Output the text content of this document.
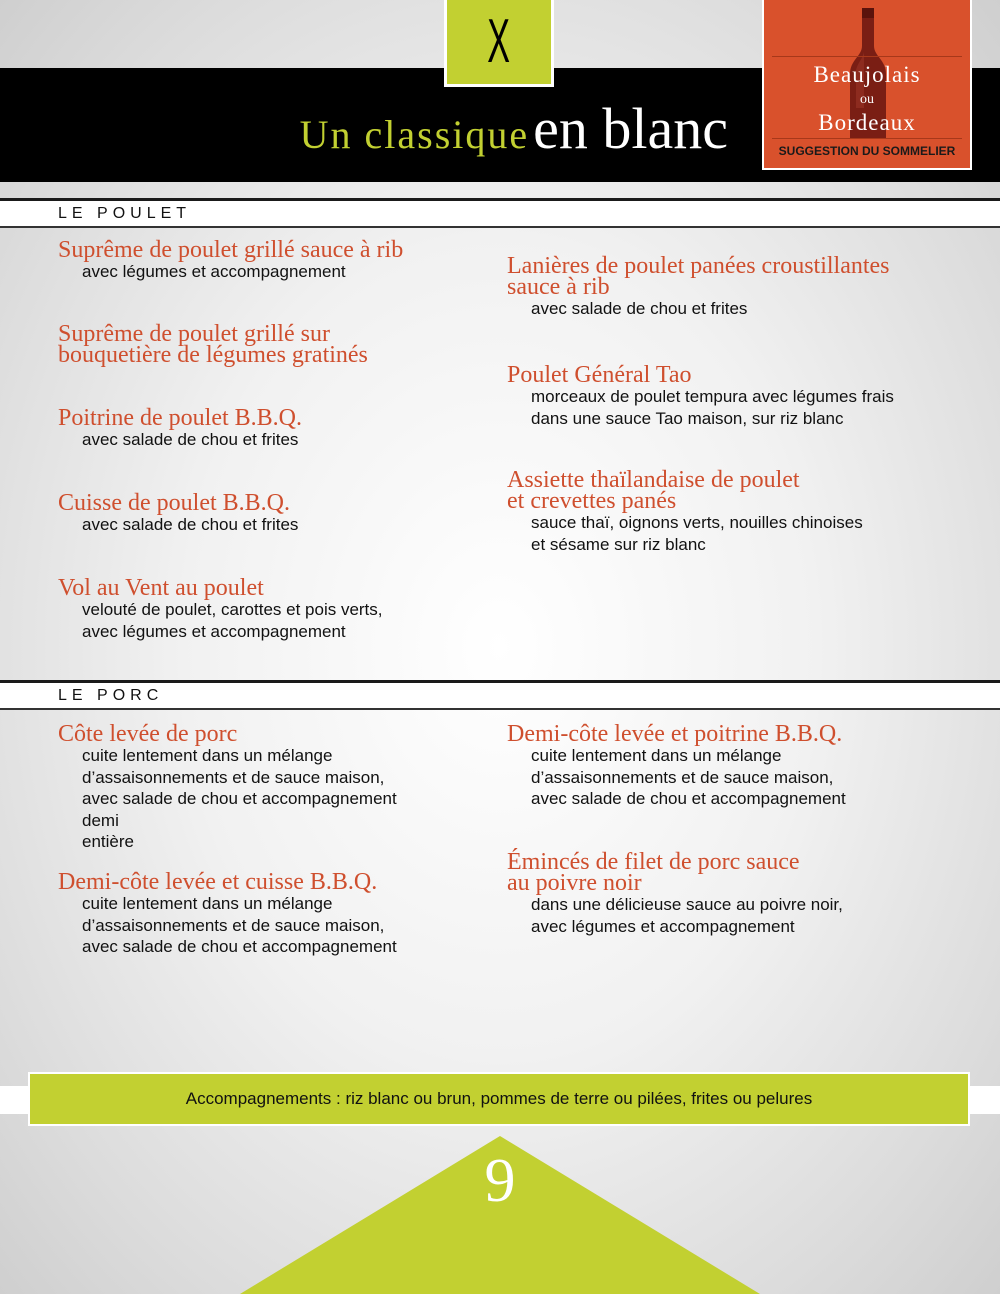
X
Un classique en blanc
Beaujolais
ou
Bordeaux
SUGGESTION DU SOMMELIER
LE POULET
Suprême de poulet grillé sauce à rib
avec légumes et accompagnement
Suprême de poulet grillé sur
bouquetière de légumes gratinés
Poitrine de poulet B.B.Q.
avec salade de chou et frites
Cuisse de poulet B.B.Q.
avec salade de chou et frites
Vol au Vent au poulet
velouté de poulet, carottes et pois verts,
avec légumes et accompagnement
Lanières de poulet panées croustillantes
sauce à rib
avec salade de chou et frites
Poulet Général Tao
morceaux de poulet tempura avec légumes frais
dans une sauce Tao maison, sur riz blanc
Assiette thaïlandaise de poulet
et crevettes panés
sauce thaï, oignons verts, nouilles chinoises
et sésame sur riz blanc
LE PORC
Côte levée de porc
cuite lentement dans un mélange
d’assaisonnements et de sauce maison,
avec salade de chou et accompagnement
demi
entière
Demi-côte levée et cuisse B.B.Q.
cuite lentement dans un mélange
d’assaisonnements et de sauce maison,
avec salade de chou et accompagnement
Demi-côte levée et poitrine B.B.Q.
cuite lentement dans un mélange
d’assaisonnements et de sauce maison,
avec salade de chou et accompagnement
Émincés de filet de porc sauce
au poivre noir
dans une délicieuse sauce au poivre noir,
avec légumes et accompagnement
Accompagnements : riz blanc ou brun, pommes de terre ou pilées, frites ou pelures
9
